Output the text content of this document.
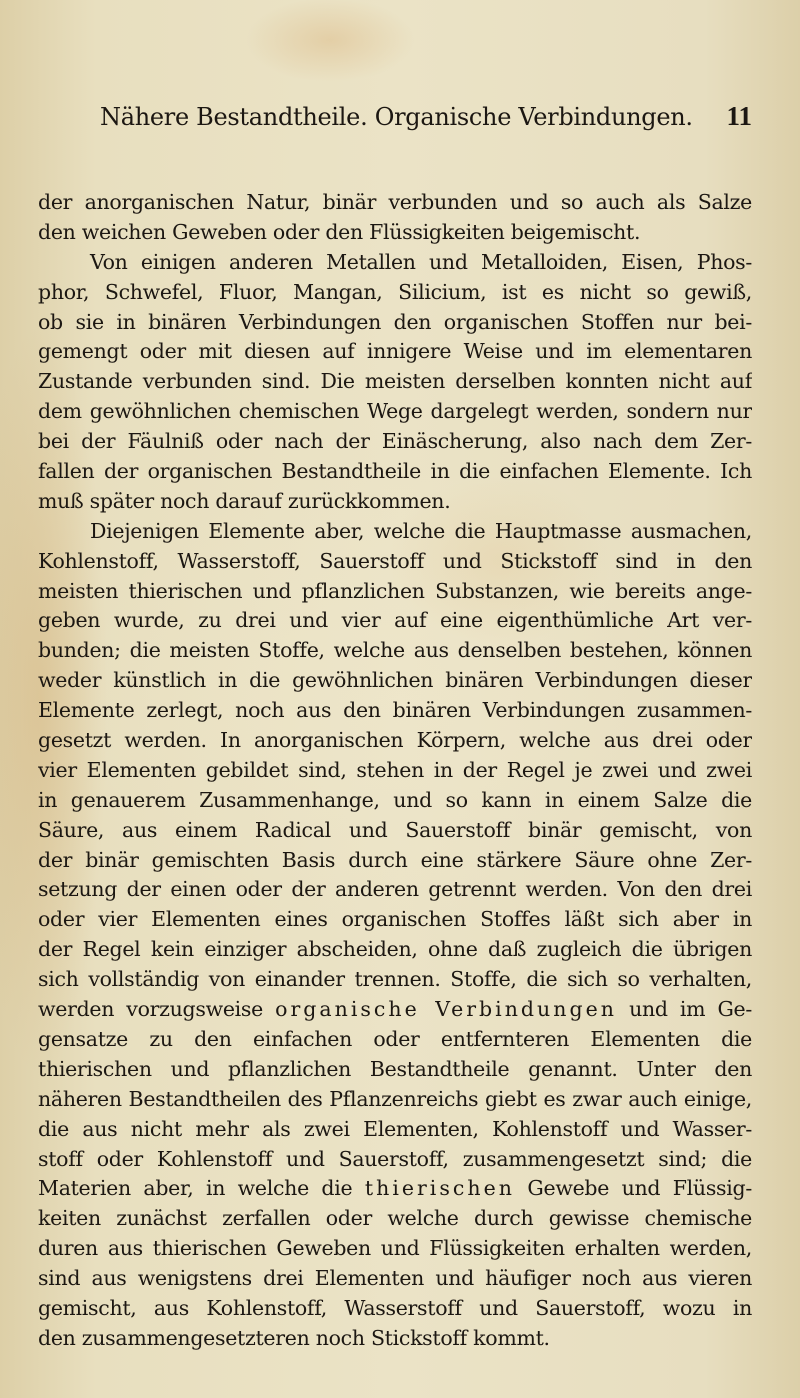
Nähere Bestandtheile. Organische Verbindungen. 11
der anorganischen Natur, binär verbunden und so auch als Salze
den weichen Geweben oder den Flüssigkeiten beigemischt.
Von einigen anderen Metallen und Metalloiden, Eisen, Phos-
phor, Schwefel, Fluor, Mangan, Silicium, ist es nicht so gewiß,
ob sie in binären Verbindungen den organischen Stoffen nur bei-
gemengt oder mit diesen auf innigere Weise und im elementaren
Zustande verbunden sind. Die meisten derselben konnten nicht auf
dem gewöhnlichen chemischen Wege dargelegt werden, sondern nur
bei der Fäulniß oder nach der Einäscherung, also nach dem Zer-
fallen der organischen Bestandtheile in die einfachen Elemente. Ich
muß später noch darauf zurückkommen.
Diejenigen Elemente aber, welche die Hauptmasse ausmachen,
Kohlenstoff, Wasserstoff, Sauerstoff und Stickstoff sind in den
meisten thierischen und pflanzlichen Substanzen, wie bereits ange-
geben wurde, zu drei und vier auf eine eigenthümliche Art ver-
bunden; die meisten Stoffe, welche aus denselben bestehen, können
weder künstlich in die gewöhnlichen binären Verbindungen dieser
Elemente zerlegt, noch aus den binären Verbindungen zusammen-
gesetzt werden. In anorganischen Körpern, welche aus drei oder
vier Elementen gebildet sind, stehen in der Regel je zwei und zwei
in genauerem Zusammenhange, und so kann in einem Salze die
Säure, aus einem Radical und Sauerstoff binär gemischt, von
der binär gemischten Basis durch eine stärkere Säure ohne Zer-
setzung der einen oder der anderen getrennt werden. Von den drei
oder vier Elementen eines organischen Stoffes läßt sich aber in
der Regel kein einziger abscheiden, ohne daß zugleich die übrigen
sich vollständig von einander trennen. Stoffe, die sich so verhalten,
werden vorzugsweise organische Verbindungen und im Ge-
gensatze zu den einfachen oder entfernteren Elementen die
thierischen und pflanzlichen Bestandtheile genannt. Unter den
näheren Bestandtheilen des Pflanzenreichs giebt es zwar auch einige,
die aus nicht mehr als zwei Elementen, Kohlenstoff und Wasser-
stoff oder Kohlenstoff und Sauerstoff, zusammengesetzt sind; die
Materien aber, in welche die thierischen Gewebe und Flüssig-
keiten zunächst zerfallen oder welche durch gewisse chemische
duren aus thierischen Geweben und Flüssigkeiten erhalten werden,
sind aus wenigstens drei Elementen und häufiger noch aus vieren
gemischt, aus Kohlenstoff, Wasserstoff und Sauerstoff, wozu in
den zusammengesetzteren noch Stickstoff kommt.
